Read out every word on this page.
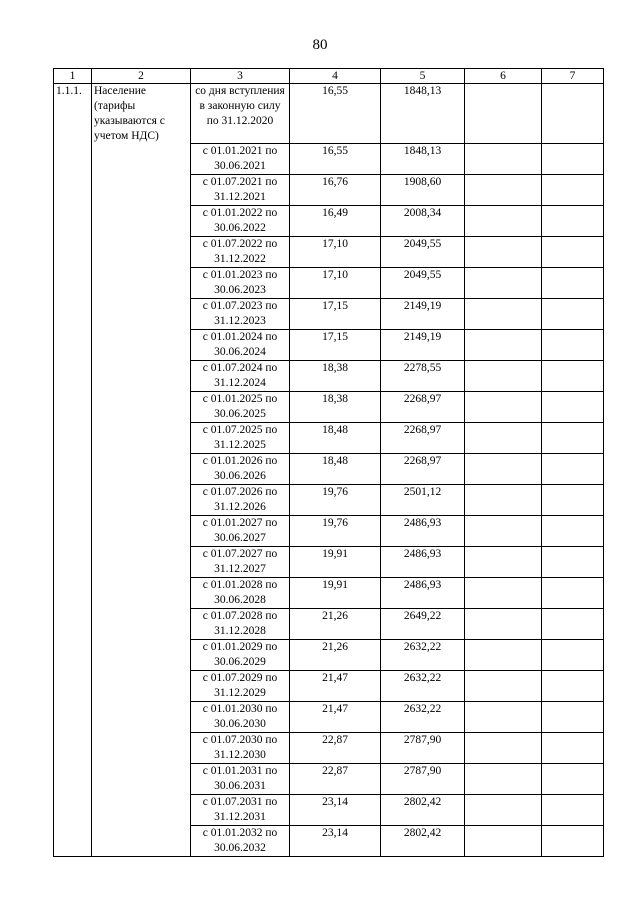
80
1	2	3	4	5	6	7
1.1.1.	Население (тарифы указываются с учетом НДС)	со дня вступления в законную силу по 31.12.2020	16,55	1848,13		
		с 01.01.2021 по 30.06.2021	16,55	1848,13		
		с 01.07.2021 по 31.12.2021	16,76	1908,60		
		с 01.01.2022 по 30.06.2022	16,49	2008,34		
		с 01.07.2022 по 31.12.2022	17,10	2049,55		
		с 01.01.2023 по 30.06.2023	17,10	2049,55		
		с 01.07.2023 по 31.12.2023	17,15	2149,19		
		с 01.01.2024 по 30.06.2024	17,15	2149,19		
		с 01.07.2024 по 31.12.2024	18,38	2278,55		
		с 01.01.2025 по 30.06.2025	18,38	2268,97		
		с 01.07.2025 по 31.12.2025	18,48	2268,97		
		с 01.01.2026 по 30.06.2026	18,48	2268,97		
		с 01.07.2026 по 31.12.2026	19,76	2501,12		
		с 01.01.2027 по 30.06.2027	19,76	2486,93		
		с 01.07.2027 по 31.12.2027	19,91	2486,93		
		с 01.01.2028 по 30.06.2028	19,91	2486,93		
		с 01.07.2028 по 31.12.2028	21,26	2649,22		
		с 01.01.2029 по 30.06.2029	21,26	2632,22		
		с 01.07.2029 по 31.12.2029	21,47	2632,22		
		с 01.01.2030 по 30.06.2030	21,47	2632,22		
		с 01.07.2030 по 31.12.2030	22,87	2787,90		
		с 01.01.2031 по 30.06.2031	22,87	2787,90		
		с 01.07.2031 по 31.12.2031	23,14	2802,42		
		с 01.01.2032 по 30.06.2032	23,14	2802,42		
